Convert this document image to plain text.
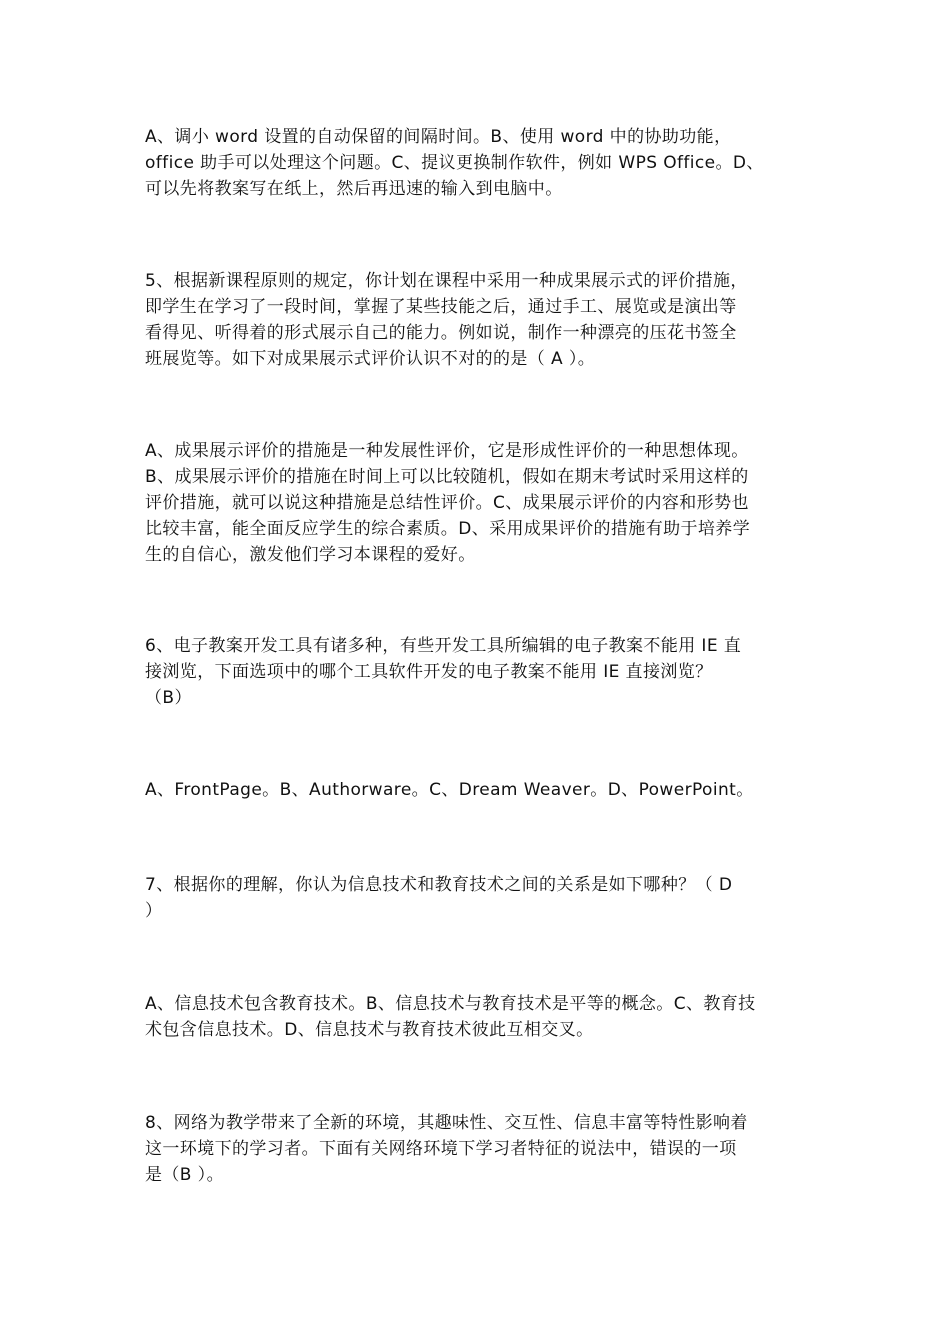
A、调小 word 设置的自动保留的间隔时间。B、使用 word 中的协助功能，
office 助手可以处理这个问题。C、提议更换制作软件，例如 WPS Office。D、
可以先将教案写在纸上，然后再迅速的输入到电脑中。

5、根据新课程原则的规定，你计划在课程中采用一种成果展示式的评价措施，
即学生在学习了一段时间，掌握了某些技能之后，通过手工、展览或是演出等
看得见、听得着的形式展示自己的能力。例如说，制作一种漂亮的压花书签全
班展览等。如下对成果展示式评价认识不对的的是（ A ）。

A、成果展示评价的措施是一种发展性评价，它是形成性评价的一种思想体现。
B、成果展示评价的措施在时间上可以比较随机，假如在期末考试时采用这样的
评价措施，就可以说这种措施是总结性评价。C、成果展示评价的内容和形势也
比较丰富，能全面反应学生的综合素质。D、采用成果评价的措施有助于培养学
生的自信心，激发他们学习本课程的爱好。

6、电子教案开发工具有诸多种，有些开发工具所编辑的电子教案不能用 IE 直
接浏览，下面选项中的哪个工具软件开发的电子教案不能用 IE 直接浏览？
（B）

A、FrontPage。B、Authorware。C、Dream Weaver。D、PowerPoint。

7、根据你的理解，你认为信息技术和教育技术之间的关系是如下哪种？（ D
）

A、信息技术包含教育技术。B、信息技术与教育技术是平等的概念。C、教育技
术包含信息技术。D、信息技术与教育技术彼此互相交叉。

8、网络为教学带来了全新的环境，其趣味性、交互性、信息丰富等特性影响着
这一环境下的学习者。下面有关网络环境下学习者特征的说法中，错误的一项
是（B ）。
